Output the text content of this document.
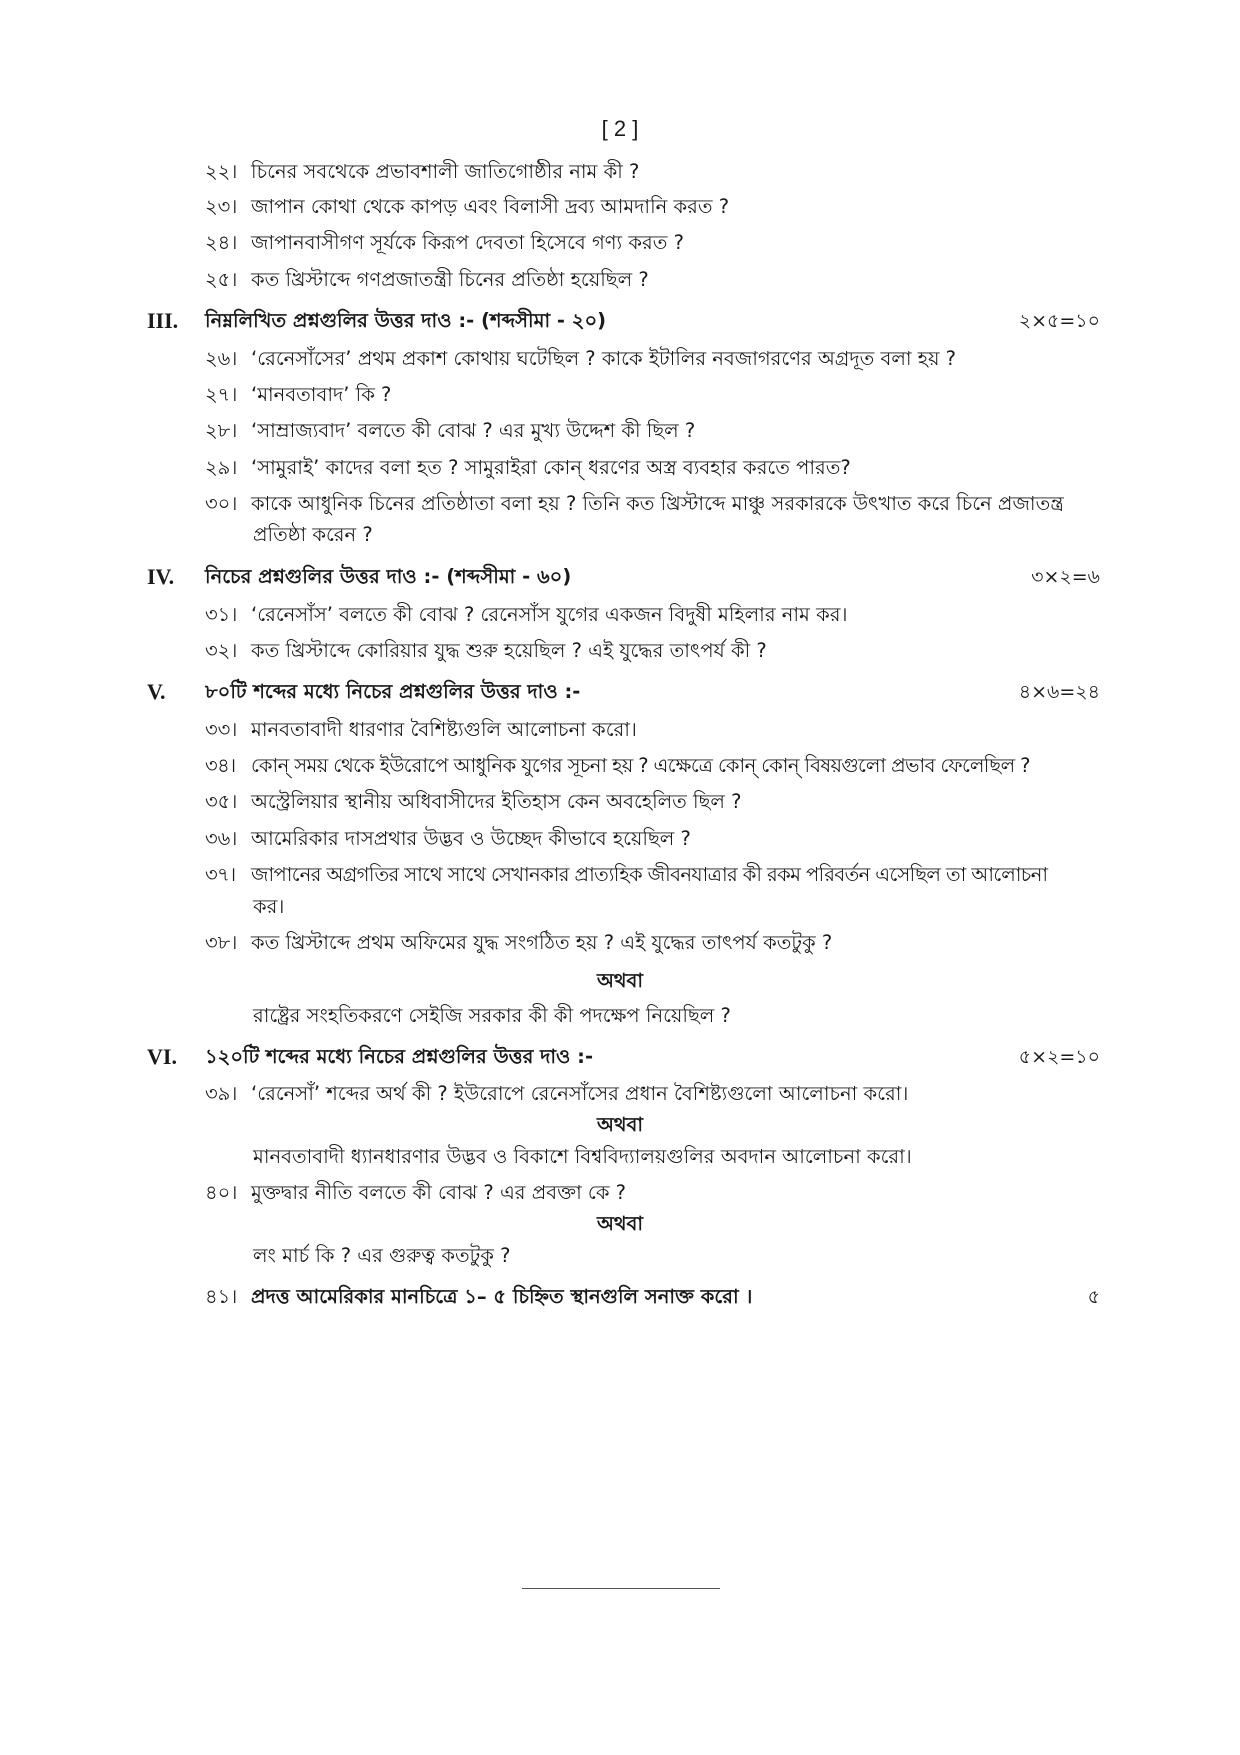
[ 2 ]
২২। চিনের সবথেকে প্রভাবশালী জাতিগোষ্ঠীর নাম কী ?
২৩। জাপান কোথা থেকে কাপড় এবং বিলাসী দ্রব্য আমদানি করত ?
২৪। জাপানবাসীগণ সূর্যকে কিরূপ দেবতা হিসেবে গণ্য করত ?
২৫। কত খ্রিস্টাব্দে গণপ্রজাতন্ত্রী চিনের প্রতিষ্ঠা হয়েছিল ?
III. নিম্নলিখিত প্রশ্নগুলির উত্তর দাও :- (শব্দসীমা - ২০)	২×৫=১০
২৬। ‘রেনেসাঁসের’ প্রথম প্রকাশ কোথায় ঘটেছিল ? কাকে ইটালির নবজাগরণের অগ্রদূত বলা হয় ?
২৭। ‘মানবতাবাদ’ কি ?
২৮। ‘সাম্রাজ্যবাদ’ বলতে কী বোঝ ? এর মুখ্য উদ্দেশ কী ছিল ?
২৯। ‘সামুরাই’ কাদের বলা হত ? সামুরাইরা কোন্ ধরণের অস্ত্র ব্যবহার করতে পারত?
৩০। কাকে আধুনিক চিনের প্রতিষ্ঠাতা বলা হয় ? তিনি কত খ্রিস্টাব্দে মাঞ্চু সরকারকে উৎখাত করে চিনে প্রজাতন্ত্র
প্রতিষ্ঠা করেন ?
IV. নিচের প্রশ্নগুলির উত্তর দাও :- (শব্দসীমা - ৬০)	৩×২=৬
৩১। ‘রেনেসাঁস’ বলতে কী বোঝ ? রেনেসাঁস যুগের একজন বিদুষী মহিলার নাম কর।
৩২। কত খ্রিস্টাব্দে কোরিয়ার যুদ্ধ শুরু হয়েছিল ? এই যুদ্ধের তাৎপর্য কী ?
V. ৮০টি শব্দের মধ্যে নিচের প্রশ্নগুলির উত্তর দাও :-	৪×৬=২৪
৩৩। মানবতাবাদী ধারণার বৈশিষ্ট্যগুলি আলোচনা করো।
৩৪। কোন্ সময় থেকে ইউরোপে আধুনিক যুগের সূচনা হয় ? এক্ষেত্রে কোন্ কোন্ বিষয়গুলো প্রভাব ফেলেছিল ?
৩৫। অস্ট্রেলিয়ার স্থানীয় অধিবাসীদের ইতিহাস কেন অবহেলিত ছিল ?
৩৬। আমেরিকার দাসপ্রথার উদ্ভব ও উচ্ছেদ কীভাবে হয়েছিল ?
৩৭। জাপানের অগ্রগতির সাথে সাথে সেখানকার প্রাত্যহিক জীবনযাত্রার কী রকম পরিবর্তন এসেছিল তা আলোচনা
কর।
৩৮। কত খ্রিস্টাব্দে প্রথম অফিমের যুদ্ধ সংগঠিত হয় ? এই যুদ্ধের তাৎপর্য কতটুকু ?
অথবা
রাষ্ট্রের সংহতিকরণে সেইজি সরকার কী কী পদক্ষেপ নিয়েছিল ?
VI. ১২০টি শব্দের মধ্যে নিচের প্রশ্নগুলির উত্তর দাও :-	৫×২=১০
৩৯। ‘রেনেসাঁ’ শব্দের অর্থ কী ? ইউরোপে রেনেসাঁসের প্রধান বৈশিষ্ট্যগুলো আলোচনা করো।
অথবা
মানবতাবাদী ধ্যানধারণার উদ্ভব ও বিকাশে বিশ্ববিদ্যালয়গুলির অবদান আলোচনা করো।
৪০। মুক্তদ্বার নীতি বলতে কী বোঝ ? এর প্রবক্তা কে ?
অথবা
লং মার্চ কি ? এর গুরুত্ব কতটুকু ?
৪১। প্রদত্ত আমেরিকার মানচিত্রে ১– ৫ চিহ্নিত স্থানগুলি সনাক্ত করো ।	৫
